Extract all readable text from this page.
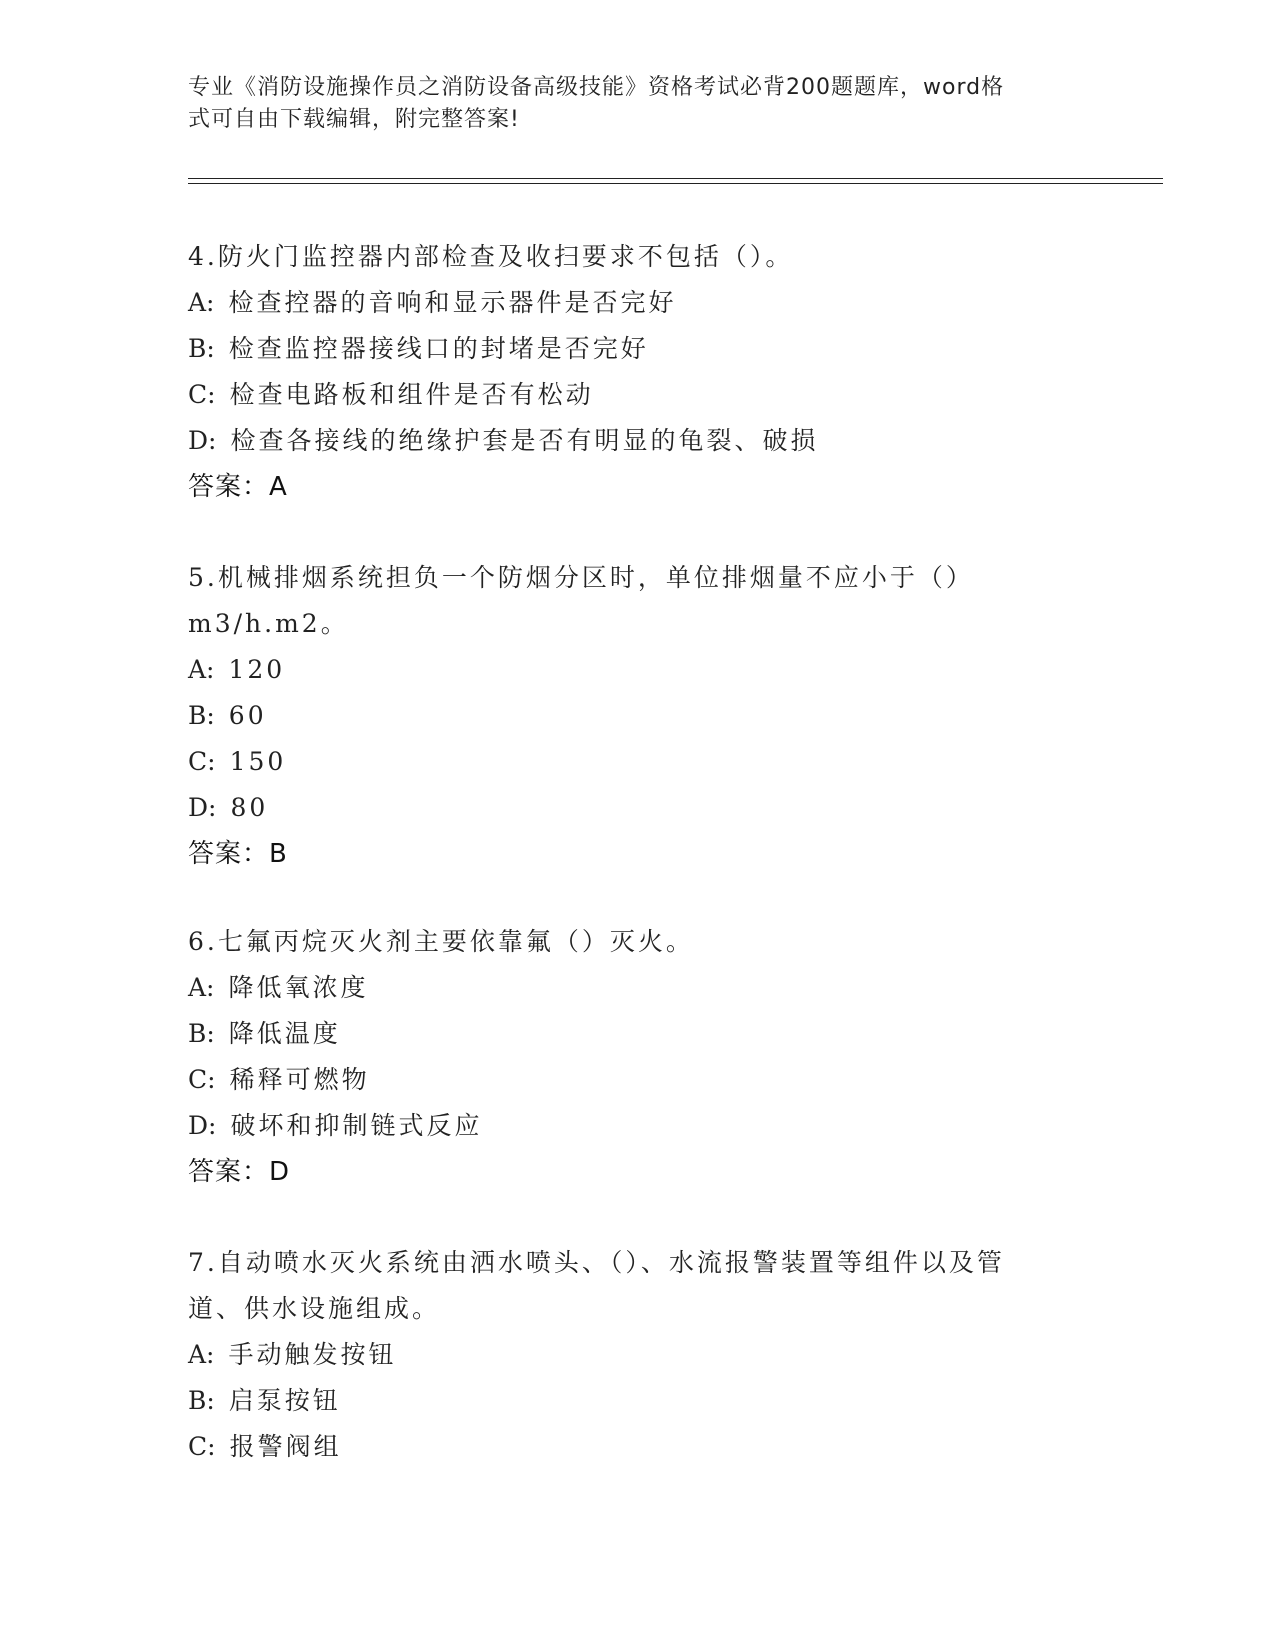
专业《消防设施操作员之消防设备高级技能》资格考试必背200题题库，word格
式可自由下载编辑，附完整答案!
4.防火门监控器内部检查及收扫要求不包括（）。
A: 检查控器的音响和显示器件是否完好
B: 检查监控器接线口的封堵是否完好
C: 检查电路板和组件是否有松动
D: 检查各接线的绝缘护套是否有明显的龟裂、破损
答案：A
5.机械排烟系统担负一个防烟分区时，单位排烟量不应小于（）
m3/h.m2。
A: 120
B: 60
C: 150
D: 80
答案：B
6.七氟丙烷灭火剂主要依靠氟（）灭火。
A: 降低氧浓度
B: 降低温度
C: 稀释可燃物
D: 破坏和抑制链式反应
答案：D
7.自动喷水灭火系统由洒水喷头、（）、水流报警装置等组件以及管
道、供水设施组成。
A: 手动触发按钮
B: 启泵按钮
C: 报警阀组
